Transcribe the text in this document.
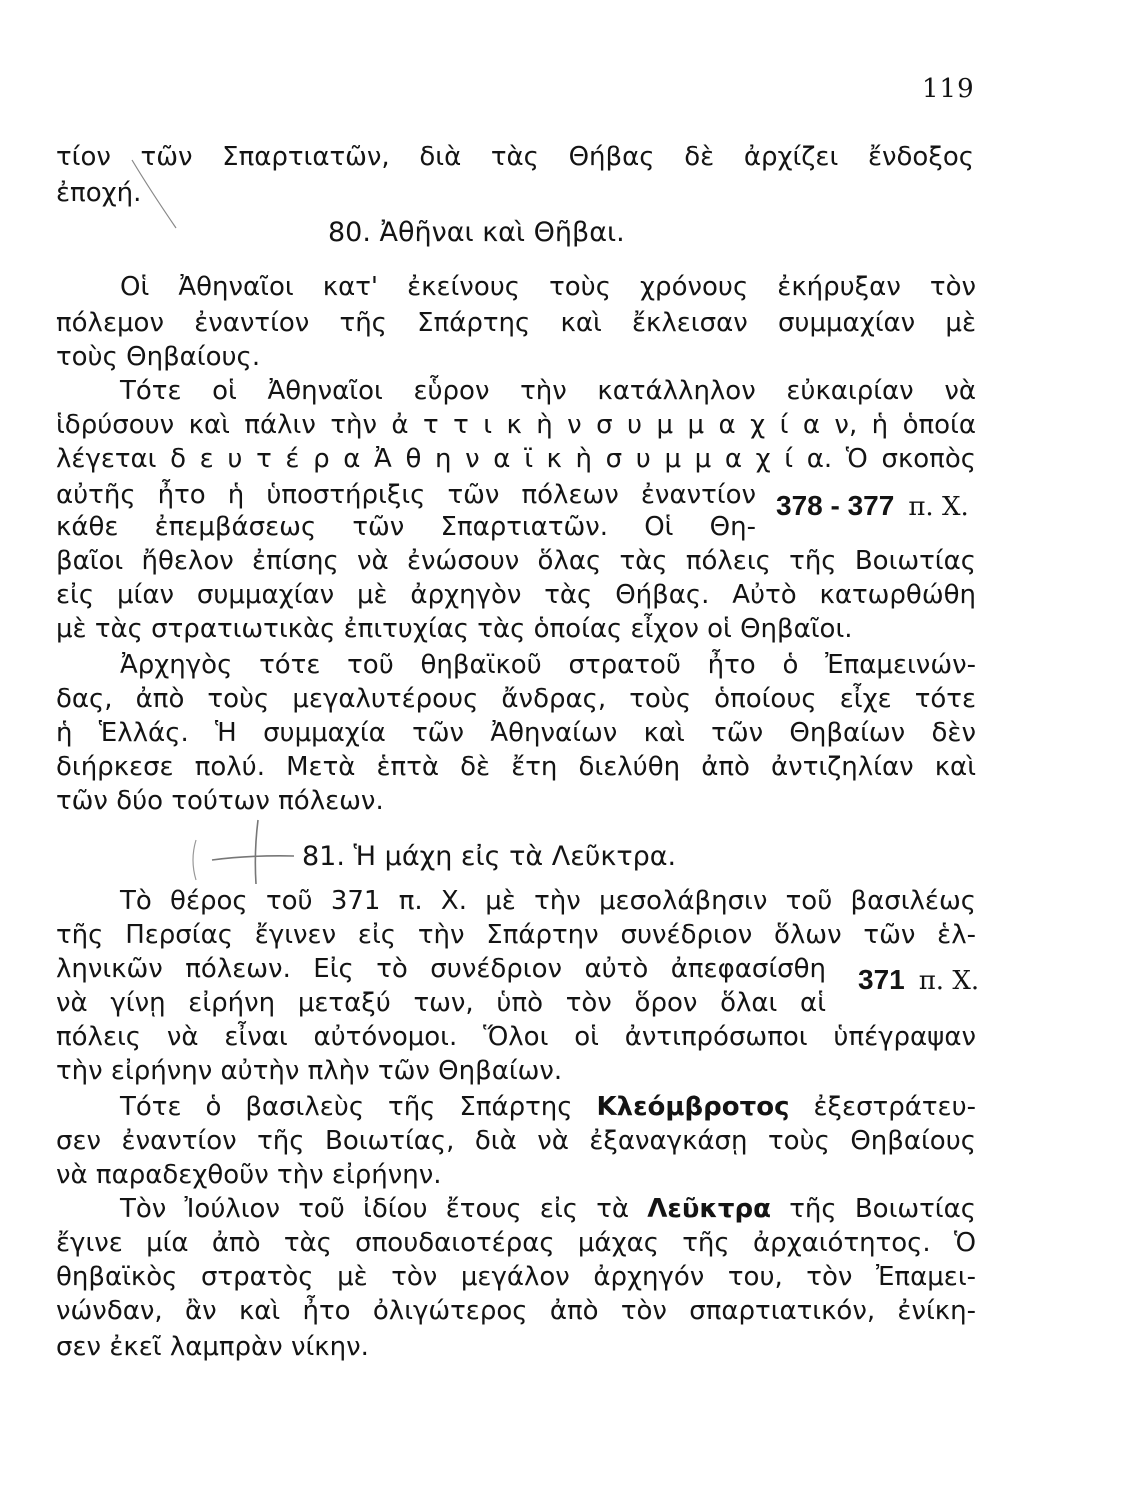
119
τίον τῶν Σπαρτιατῶν, διὰ τὰς Θήβας δὲ ἀρχίζει ἔνδοξος
ἐποχή.
80. Ἀθῆναι καὶ Θῆβαι.
Οἱ Ἀθηναῖοι κατ' ἐκείνους τοὺς χρόνους ἐκήρυξαν τὸν
πόλεμον ἐναντίον τῆς Σπάρτης καὶ ἔκλεισαν συμμαχίαν μὲ
τοὺς Θηβαίους.
Τότε οἱ Ἀθηναῖοι εὗρον τὴν κατάλληλον εὐκαιρίαν νὰ
ἱδρύσουν καὶ πάλιν τὴν ἀ τ τ ι κ ὴ ν σ υ μ μ α χ ί α ν, ἡ ὁποία
λέγεται δ ε υ τ έ ρ α Ἀ θ η ν α ϊ κ ὴ σ υ μ μ α χ ί α. Ὁ σκοπὸς
αὐτῆς ἦτο ἡ ὑποστήριξις τῶν πόλεων ἐναντίον
κάθε ἐπεμβάσεως τῶν Σπαρτιατῶν. Οἱ Θη-
βαῖοι ἤθελον ἐπίσης νὰ ἐνώσουν ὅλας τὰς πόλεις τῆς Βοιωτίας
εἰς μίαν συμμαχίαν μὲ ἀρχηγὸν τὰς Θήβας. Αὐτὸ κατωρθώθη
μὲ τὰς στρατιωτικὰς ἐπιτυχίας τὰς ὁποίας εἶχον οἱ Θηβαῖοι.
378 - 377 π. Χ.
Ἀρχηγὸς τότε τοῦ θηβαϊκοῦ στρατοῦ ἦτο ὁ Ἐπαμεινών-
δας, ἀπὸ τοὺς μεγαλυτέρους ἄνδρας, τοὺς ὁποίους εἶχε τότε
ἡ Ἑλλάς. Ἡ συμμαχία τῶν Ἀθηναίων καὶ τῶν Θηβαίων δὲν
διήρκεσε πολύ. Μετὰ ἑπτὰ δὲ ἔτη διελύθη ἀπὸ ἀντιζηλίαν καὶ
τῶν δύο τούτων πόλεων.
81. Ἡ μάχη εἰς τὰ Λεῦκτρα.
Τὸ θέρος τοῦ 371 π. Χ. μὲ τὴν μεσολάβησιν τοῦ βασιλέως
τῆς Περσίας ἔγινεν εἰς τὴν Σπάρτην συνέδριον ὅλων τῶν ἑλ-
ληνικῶν πόλεων. Εἰς τὸ συνέδριον αὐτὸ ἀπεφασίσθη
νὰ γίνῃ εἰρήνη μεταξύ των, ὑπὸ τὸν ὅρον ὅλαι αἱ
πόλεις νὰ εἶναι αὐτόνομοι. Ὅλοι οἱ ἀντιπρόσωποι ὑπέγραψαν
τὴν εἰρήνην αὐτὴν πλὴν τῶν Θηβαίων.
371 π. Χ.
Τότε ὁ βασιλεὺς τῆς Σπάρτης Κλεόμβροτος ἐξεστράτευ-
σεν ἐναντίον τῆς Βοιωτίας, διὰ νὰ ἐξαναγκάσῃ τοὺς Θηβαίους
νὰ παραδεχθοῦν τὴν εἰρήνην.
Τὸν Ἰούλιον τοῦ ἰδίου ἔτους εἰς τὰ Λεῦκτρα τῆς Βοιωτίας
ἔγινε μία ἀπὸ τὰς σπουδαιοτέρας μάχας τῆς ἀρχαιότητος. Ὁ
θηβαϊκὸς στρατὸς μὲ τὸν μεγάλον ἀρχηγόν του, τὸν Ἐπαμει-
νώνδαν, ἂν καὶ ἦτο ὀλιγώτερος ἀπὸ τὸν σπαρτιατικόν, ἐνίκη-
σεν ἐκεῖ λαμπρὰν νίκην.
